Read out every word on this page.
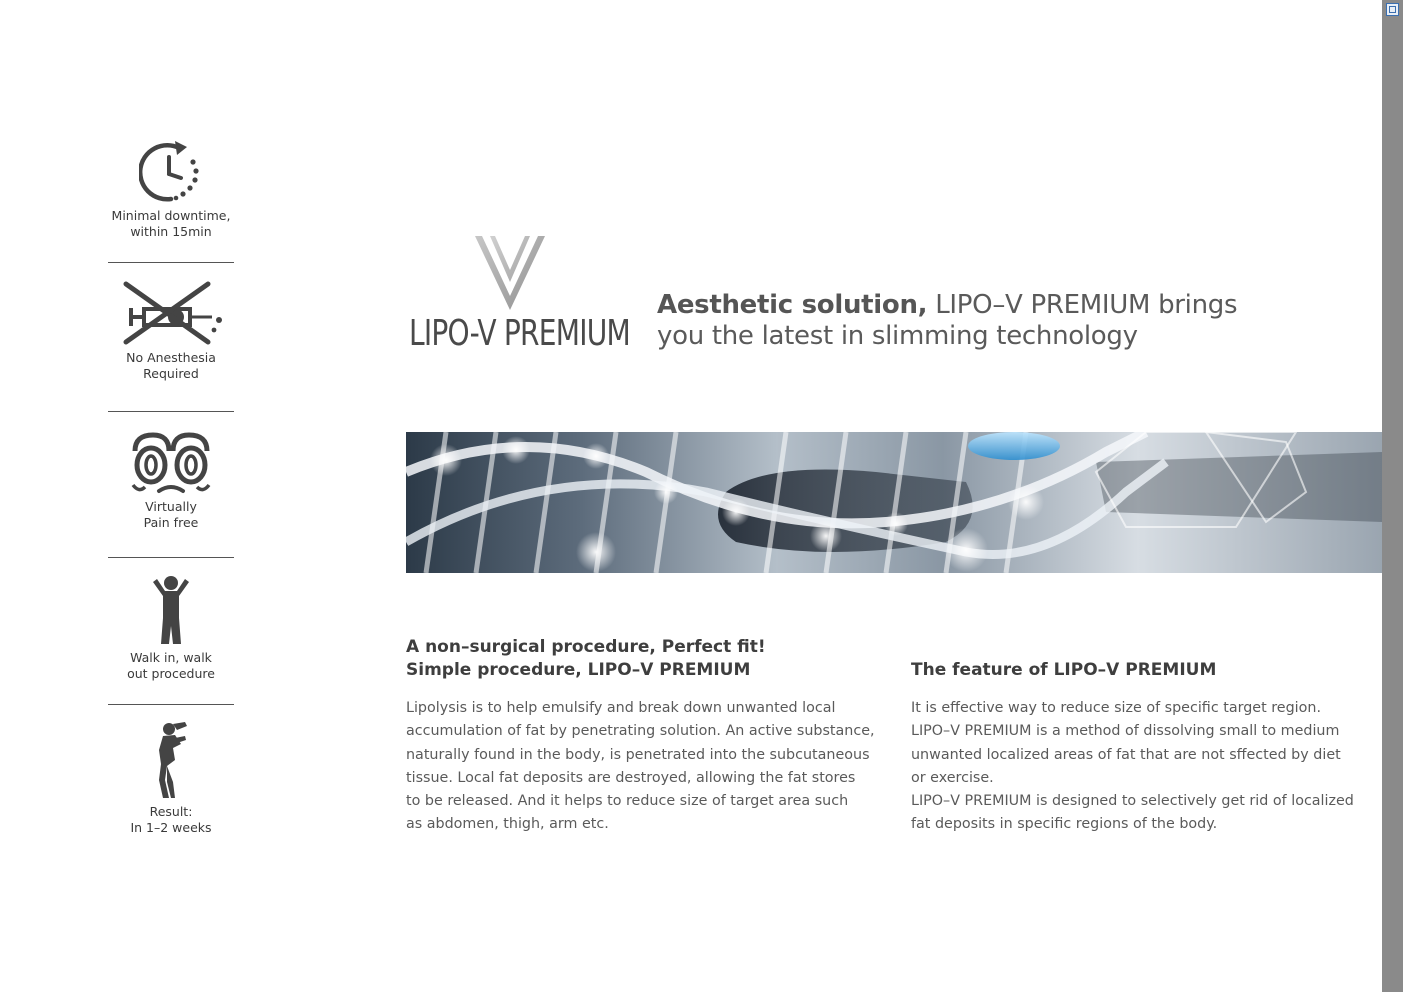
Minimal downtime,
within 15min
No Anesthesia
Required
Virtually
Pain free
Walk in, walk
out procedure
Result:
In 1–2 weeks
LIPO-V PREMIUM
Aesthetic solution, LIPO–V PREMIUM brings
you the latest in slimming technology
A non–surgical procedure, Perfect fit!
Simple procedure, LIPO–V PREMIUM

Lipolysis is to help emulsify and break down unwanted local

accumulation of fat by penetrating solution. An active substance,

naturally found in the body, is penetrated into the subcutaneous

tissue. Local fat deposits are destroyed, allowing the fat stores

to be released. And it helps to reduce size of target area such

as abdomen, thigh, arm etc.

The feature of LIPO–V PREMIUM

It is effective way to reduce size of specific target region.

LIPO–V PREMIUM is a method of dissolving small to medium

unwanted localized areas of fat that are not sffected by diet

or exercise.

LIPO–V PREMIUM is designed to selectively get rid of localized

fat deposits in specific regions of the body.
